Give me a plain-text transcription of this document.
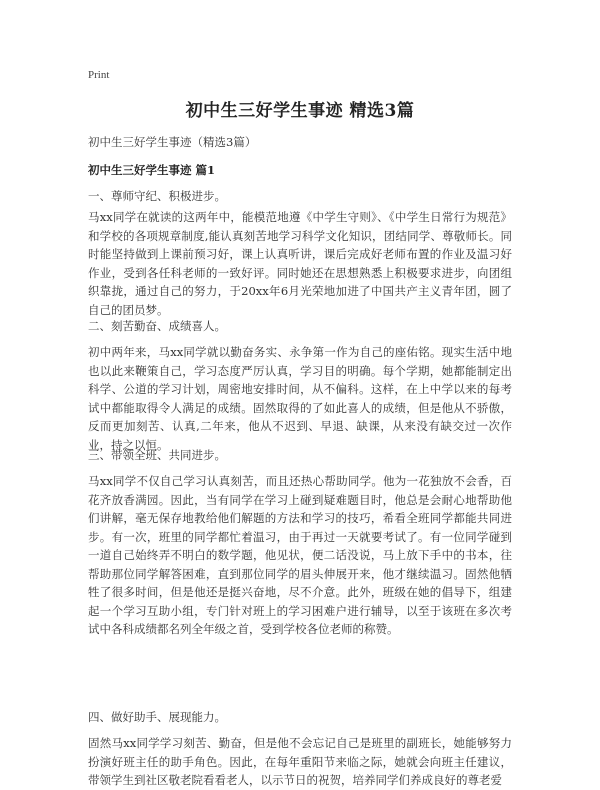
Print
初中生三好学生事迹 精选3篇
初中生三好学生事迹（精选3篇）
初中生三好学生事迹 篇1
一、尊师守纪、积极进步。
马xx同学在就读的这两年中，能模范地遵《中学生守则》、《中学生日常行为规范》和学校的各项规章制度,能认真刻苦地学习科学文化知识，团结同学、尊敬师长。同时能坚持做到上课前预习好，课上认真听讲，课后完成好老师布置的作业及温习好作业，受到各任科老师的一致好评。同时她还在思想熟悉上积极要求进步，向团组织靠拢，通过自己的努力，于20xx年6月光荣地加进了中国共产主义青年团，圆了自己的团员梦。
二、刻苦勤奋、成绩喜人。
初中两年来，马xx同学就以勤奋务实、永争第一作为自己的座佑铭。现实生活中地也以此来鞭策自己，学习态度严厉认真，学习目的明确。每个学期，她都能制定出科学、公道的学习计划，周密地安排时间，从不偏科。这样，在上中学以来的每考试中都能取得令人满足的成绩。固然取得的了如此喜人的成绩，但是他从不骄傲，反而更加刻苦、认真,二年来，他从不迟到、早退、缺课，从来没有缺交过一次作业，持之以恒。
三、带领全班、共同进步。
马xx同学不仅自己学习认真刻苦，而且还热心帮助同学。他为一花独放不会香，百花齐放香满园。因此，当有同学在学习上碰到疑难题目时，他总是会耐心地帮助他们讲解，毫无保存地教给他们解题的方法和学习的技巧，希看全班同学都能共同进步。有一次，班里的同学都忙着温习，由于再过一天就要考试了。有一位同学碰到一道自己始终弄不明白的数学题，他见状，便二话没说，马上放下手中的书本，往帮助那位同学解答困难，直到那位同学的眉头伸展开来，他才继续温习。固然他牺牲了很多时间，但是他还是挺兴奋地，尽不介意。此外，班级在她的倡导下，组建起一个学习互助小组，专门针对班上的学习困难户进行辅导，以至于该班在多次考试中各科成绩都名列全年级之首，受到学校各位老师的称赞。
四、做好助手、展现能力。
固然马xx同学学习刻苦、勤奋，但是他不会忘记自己是班里的副班长，她能够努力扮演好班主任的助手角色。因此，在每年重阳节来临之际，她就会向班主任建议，带领学生到社区敬老院看看老人，以示节日的祝贺，培养同学们养成良好的尊老爱
